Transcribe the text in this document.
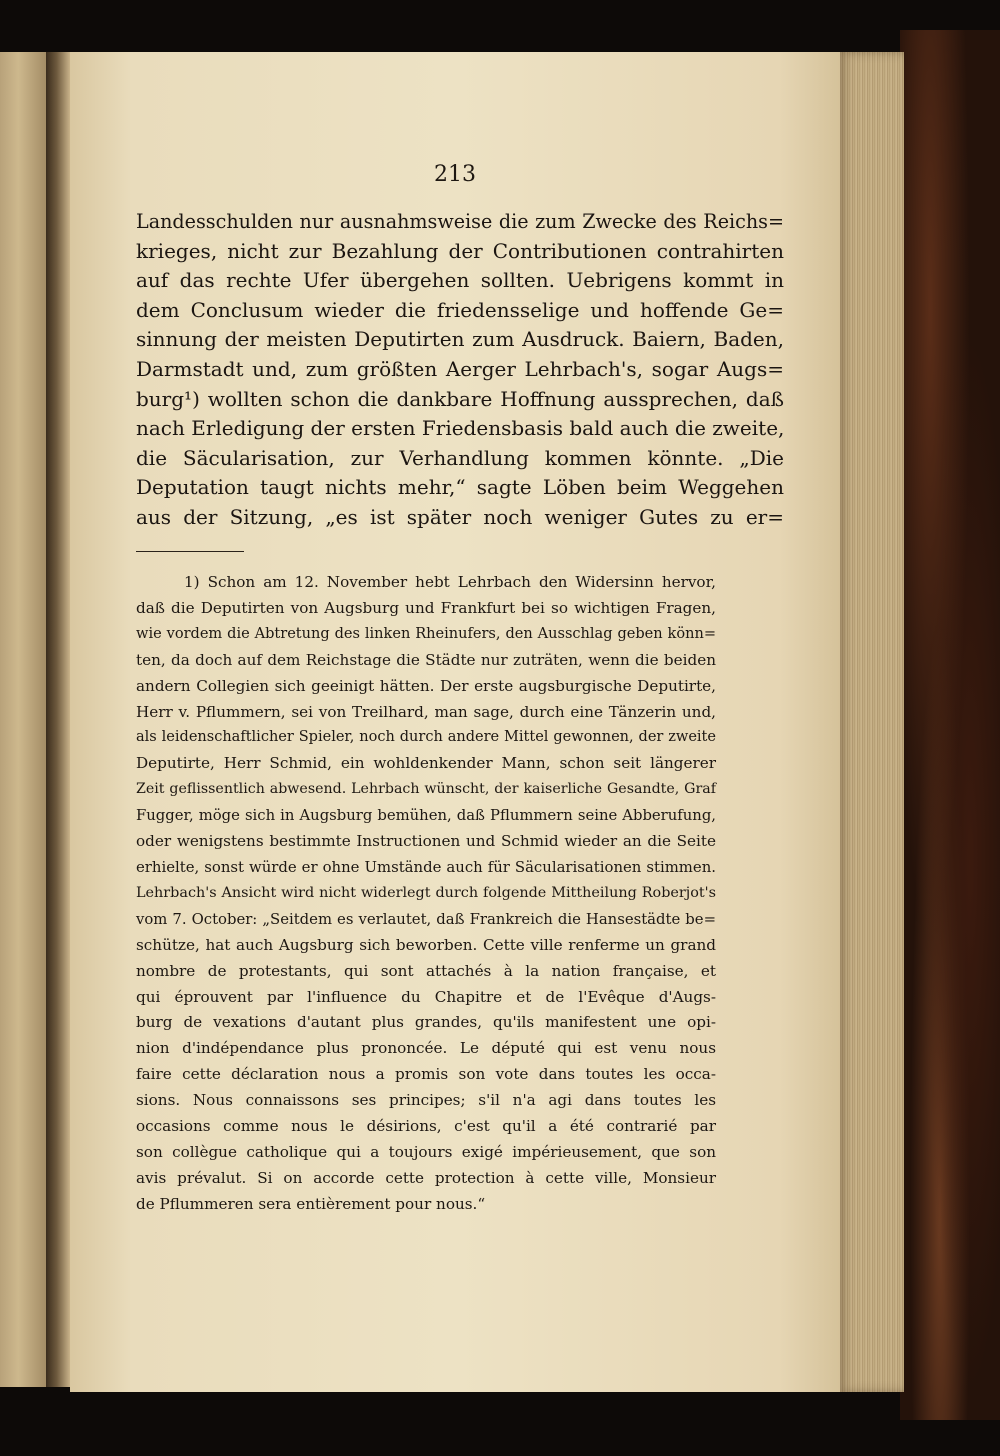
213
Landesschulden nur ausnahmsweise die zum Zwecke des Reichs=
krieges, nicht zur Bezahlung der Contributionen contrahirten
auf das rechte Ufer übergehen sollten. Uebrigens kommt in
dem Conclusum wieder die friedensselige und hoffende Ge=
sinnung der meisten Deputirten zum Ausdruck. Baiern, Baden,
Darmstadt und, zum größten Aerger Lehrbach's, sogar Augs=
burg¹) wollten schon die dankbare Hoffnung aussprechen, daß
nach Erledigung der ersten Friedensbasis bald auch die zweite,
die Säcularisation, zur Verhandlung kommen könnte. „Die
Deputation taugt nichts mehr,“ sagte Löben beim Weggehen
aus der Sitzung, „es ist später noch weniger Gutes zu er=
1) Schon am 12. November hebt Lehrbach den Widersinn hervor,
daß die Deputirten von Augsburg und Frankfurt bei so wichtigen Fragen,
wie vordem die Abtretung des linken Rheinufers, den Ausschlag geben könn=
ten, da doch auf dem Reichstage die Städte nur zuträten, wenn die beiden
andern Collegien sich geeinigt hätten. Der erste augsburgische Deputirte,
Herr v. Pflummern, sei von Treilhard, man sage, durch eine Tänzerin und,
als leidenschaftlicher Spieler, noch durch andere Mittel gewonnen, der zweite
Deputirte, Herr Schmid, ein wohldenkender Mann, schon seit längerer
Zeit geflissentlich abwesend. Lehrbach wünscht, der kaiserliche Gesandte, Graf
Fugger, möge sich in Augsburg bemühen, daß Pflummern seine Abberufung,
oder wenigstens bestimmte Instructionen und Schmid wieder an die Seite
erhielte, sonst würde er ohne Umstände auch für Säcularisationen stimmen.
Lehrbach's Ansicht wird nicht widerlegt durch folgende Mittheilung Roberjot's
vom 7. October: „Seitdem es verlautet, daß Frankreich die Hansestädte be=
schütze, hat auch Augsburg sich beworben. Cette ville renferme un grand
nombre de protestants, qui sont attachés à la nation française, et
qui éprouvent par l'influence du Chapitre et de l'Evêque d'Augs-
burg de vexations d'autant plus grandes, qu'ils manifestent une opi-
nion d'indépendance plus prononcée. Le député qui est venu nous
faire cette déclaration nous a promis son vote dans toutes les occa-
sions. Nous connaissons ses principes; s'il n'a agi dans toutes les
occasions comme nous le désirions, c'est qu'il a été contrarié par
son collègue catholique qui a toujours exigé impérieusement, que son
avis prévalut. Si on accorde cette protection à cette ville, Monsieur
de Pflummeren sera entièrement pour nous.“
